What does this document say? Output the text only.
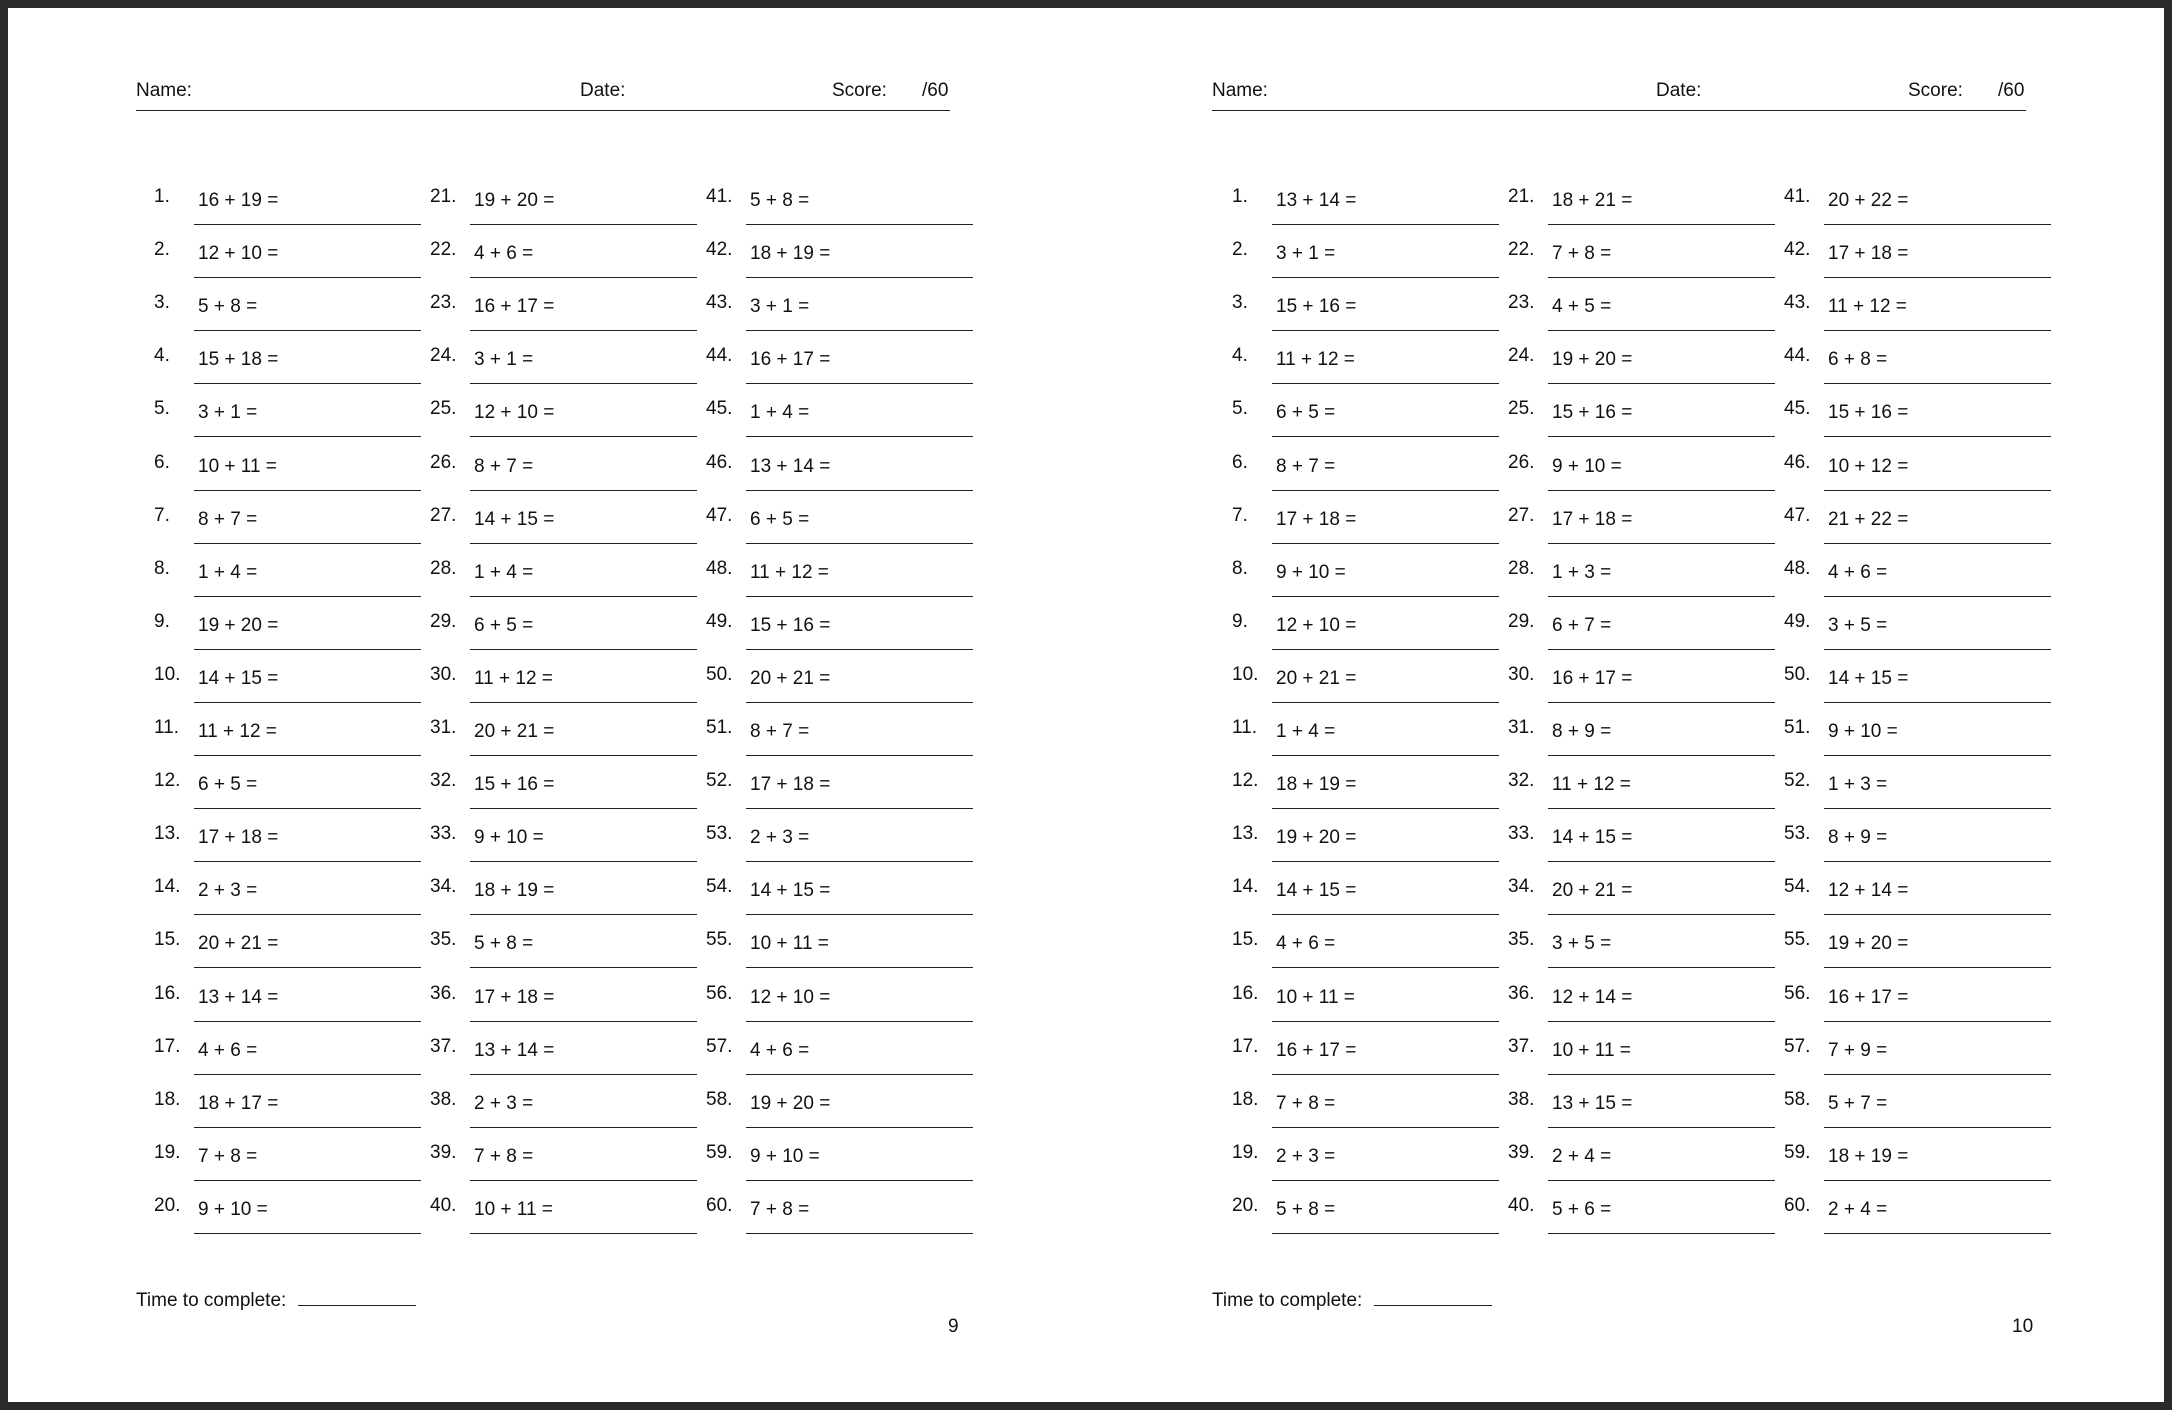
Name:	Date:	Score: /60
1.	16 + 19 =
2.	12 + 10 =
3.	5 + 8 =
4.	15 + 18 =
5.	3 + 1 =
6.	10 + 11 =
7.	8 + 7 =
8.	1 + 4 =
9.	19 + 20 =
10. 14 + 15 =
11. 11 + 12 =
12. 6 + 5 =
13. 17 + 18 =
14. 2 + 3 =
15. 20 + 21 =
16. 13 + 14 =
17. 4 + 6 =
18. 18 + 17 =
19. 7 + 8 =
20. 9 + 10 =
21. 19 + 20 =
22. 4 + 6 =
23. 16 + 17 =
24. 3 + 1 =
25. 12 + 10 =
26. 8 + 7 =
27. 14 + 15 =
28. 1 + 4 =
29. 6 + 5 =
30. 11 + 12 =
31. 20 + 21 =
32. 15 + 16 =
33. 9 + 10 =
34. 18 + 19 =
35. 5 + 8 =
36. 17 + 18 =
37. 13 + 14 =
38. 2 + 3 =
39. 7 + 8 =
40. 10 + 11 =
41. 5 + 8 =
42. 18 + 19 =
43. 3 + 1 =
44. 16 + 17 =
45. 1 + 4 =
46. 13 + 14 =
47. 6 + 5 =
48. 11 + 12 =
49. 15 + 16 =
50. 20 + 21 =
51. 8 + 7 =
52. 17 + 18 =
53. 2 + 3 =
54. 14 + 15 =
55. 10 + 11 =
56. 12 + 10 =
57. 4 + 6 =
58. 19 + 20 =
59. 9 + 10 =
60. 7 + 8 =
Time to complete:
9
Name:	Date:	Score: /60
1.	13 + 14 =
2.	3 + 1 =
3.	15 + 16 =
4.	11 + 12 =
5.	6 + 5 =
6.	8 + 7 =
7.	17 + 18 =
8.	9 + 10 =
9.	12 + 10 =
10. 20 + 21 =
11. 1 + 4 =
12. 18 + 19 =
13. 19 + 20 =
14. 14 + 15 =
15. 4 + 6 =
16. 10 + 11 =
17. 16 + 17 =
18. 7 + 8 =
19. 2 + 3 =
20. 5 + 8 =
21. 18 + 21 =
22. 7 + 8 =
23. 4 + 5 =
24. 19 + 20 =
25. 15 + 16 =
26. 9 + 10 =
27. 17 + 18 =
28. 1 + 3 =
29. 6 + 7 =
30. 16 + 17 =
31. 8 + 9 =
32. 11 + 12 =
33. 14 + 15 =
34. 20 + 21 =
35. 3 + 5 =
36. 12 + 14 =
37. 10 + 11 =
38. 13 + 15 =
39. 2 + 4 =
40. 5 + 6 =
41. 20 + 22 =
42. 17 + 18 =
43. 11 + 12 =
44. 6 + 8 =
45. 15 + 16 =
46. 10 + 12 =
47. 21 + 22 =
48. 4 + 6 =
49. 3 + 5 =
50. 14 + 15 =
51. 9 + 10 =
52. 1 + 3 =
53. 8 + 9 =
54. 12 + 14 =
55. 19 + 20 =
56. 16 + 17 =
57. 7 + 9 =
58. 5 + 7 =
59. 18 + 19 =
60. 2 + 4 =
Time to complete:
10
